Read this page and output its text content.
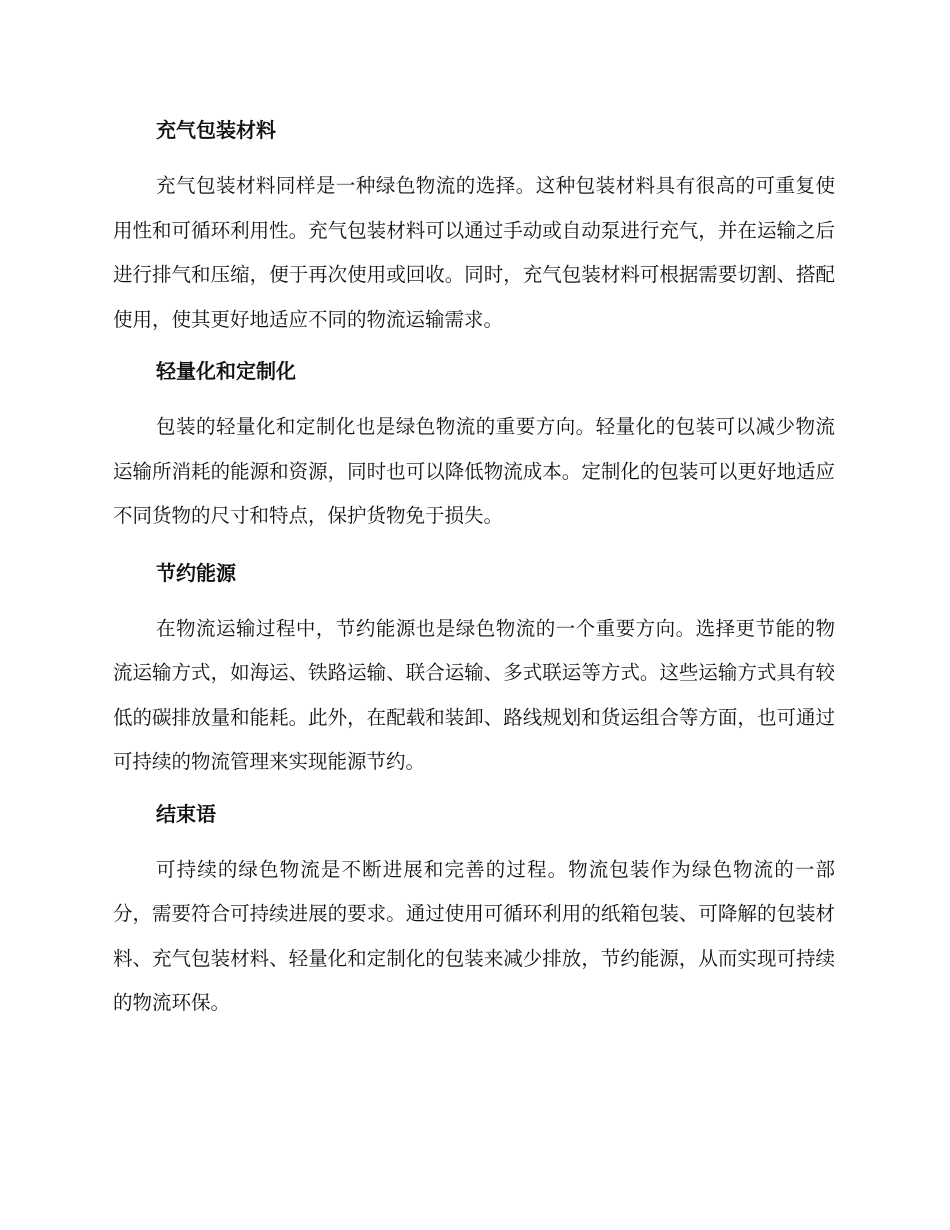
充气包装材料

充气包装材料同样是一种绿色物流的选择。这种包装材料具有很高的可重复使用性和可循环利用性。充气包装材料可以通过手动或自动泵进行充气，并在运输之后进行排气和压缩，便于再次使用或回收。同时，充气包装材料可根据需要切割、搭配使用，使其更好地适应不同的物流运输需求。

轻量化和定制化

包装的轻量化和定制化也是绿色物流的重要方向。轻量化的包装可以减少物流运输所消耗的能源和资源，同时也可以降低物流成本。定制化的包装可以更好地适应不同货物的尺寸和特点，保护货物免于损失。

节约能源

在物流运输过程中，节约能源也是绿色物流的一个重要方向。选择更节能的物流运输方式，如海运、铁路运输、联合运输、多式联运等方式。这些运输方式具有较低的碳排放量和能耗。此外，在配载和装卸、路线规划和货运组合等方面，也可通过可持续的物流管理来实现能源节约。

结束语

可持续的绿色物流是不断进展和完善的过程。物流包装作为绿色物流的一部分，需要符合可持续进展的要求。通过使用可循环利用的纸箱包装、可降解的包装材料、充气包装材料、轻量化和定制化的包装来减少排放，节约能源，从而实现可持续的物流环保。
